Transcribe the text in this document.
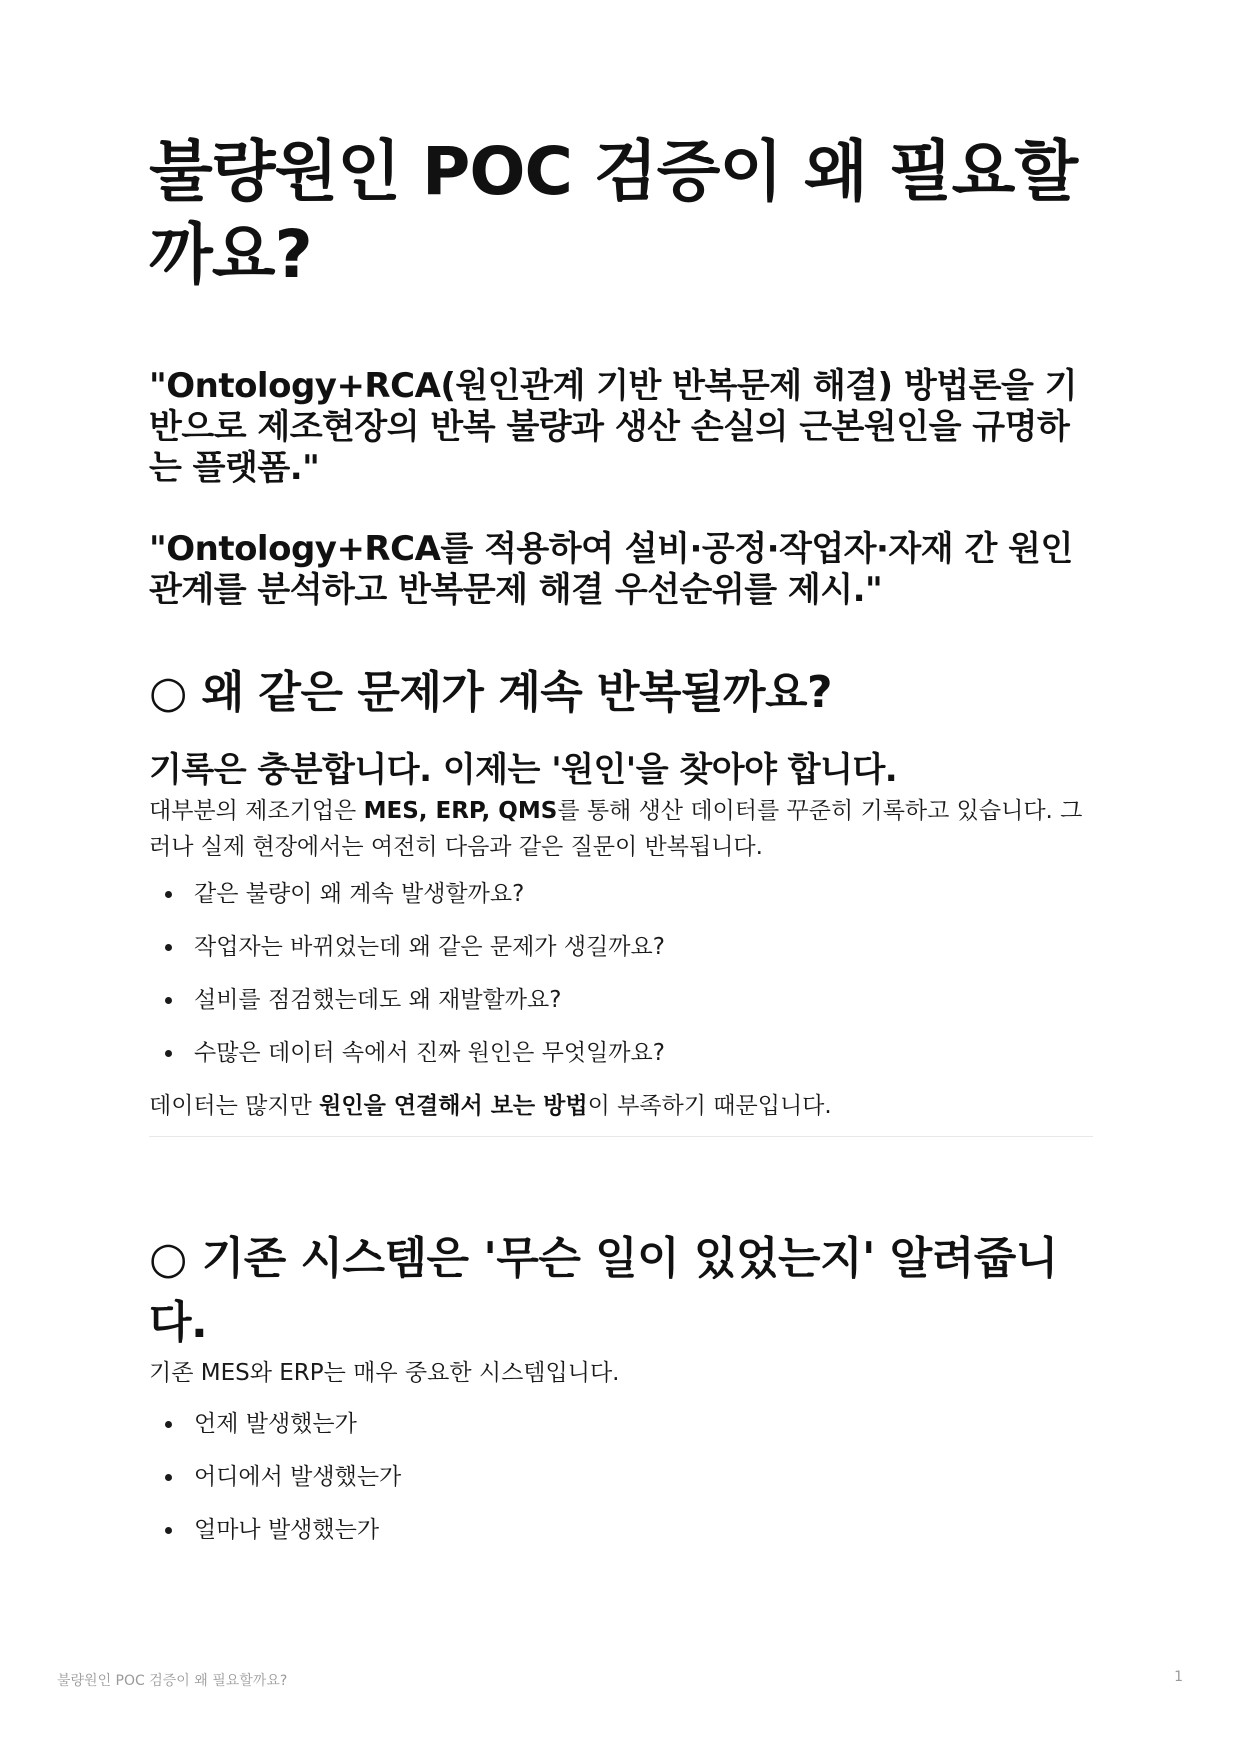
불량원인 POC 검증이 왜 필요할까요?

"Ontology+RCA(원인관계 기반 반복문제 해결) 방법론을 기반으로 제조현장의 반복 불량과 생산 손실의 근본원인을 규명하는 플랫폼."

"Ontology+RCA를 적용하여 설비·공정·작업자·자재 간 원인관계를 분석하고 반복문제 해결 우선순위를 제시."

○ 왜 같은 문제가 계속 반복될까요?
기록은 충분합니다. 이제는 '원인'을 찾아야 합니다.

대부분의 제조기업은 MES, ERP, QMS를 통해 생산 데이터를 꾸준히 기록하고 있습니다. 그러나 실제 현장에서는 여전히 다음과 같은 질문이 반복됩니다.

같은 불량이 왜 계속 발생할까요?
작업자는 바뀌었는데 왜 같은 문제가 생길까요?
설비를 점검했는데도 왜 재발할까요?
수많은 데이터 속에서 진짜 원인은 무엇일까요?

데이터는 많지만 원인을 연결해서 보는 방법이 부족하기 때문입니다.

○ 기존 시스템은 '무슨 일이 있었는지' 알려줍니다.

기존 MES와 ERP는 매우 중요한 시스템입니다.

언제 발생했는가
어디에서 발생했는가
얼마나 발생했는가
불량원인 POC 검증이 왜 필요할까요?	1
